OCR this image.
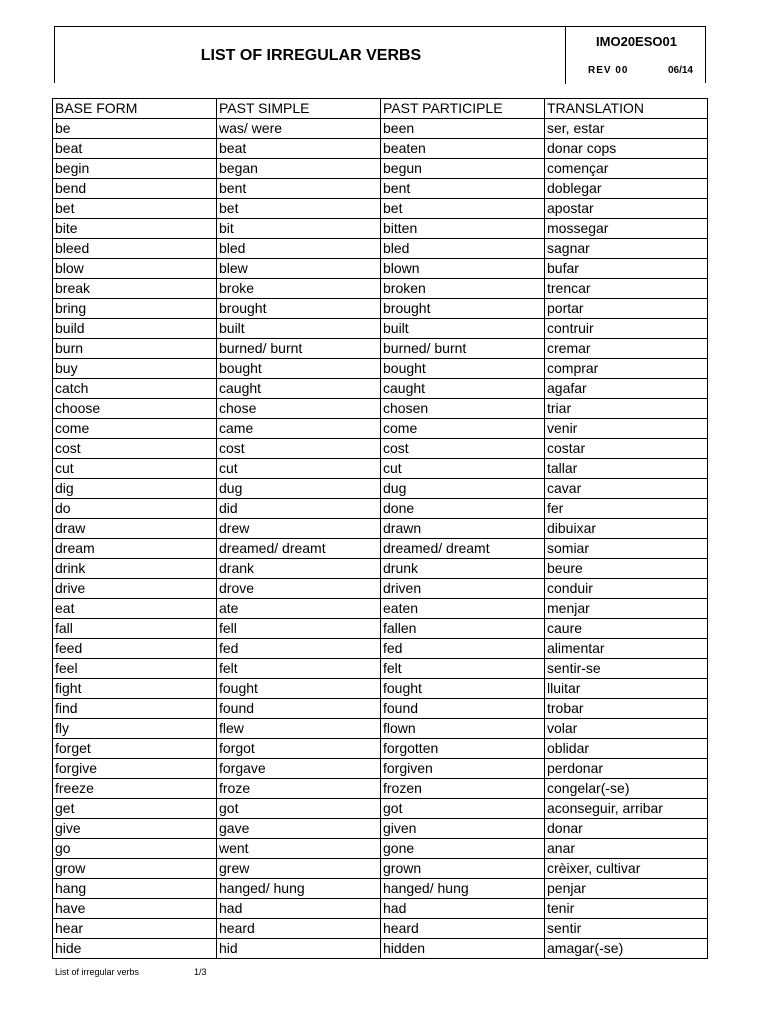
LIST OF IRREGULAR VERBS
IMO20ESO01
REV 00	06/14
BASE FORM	PAST SIMPLE	PAST PARTICIPLE	TRANSLATION
be	was/ were	been	ser, estar
beat	beat	beaten	donar cops
begin	began	begun	començar
bend	bent	bent	doblegar
bet	bet	bet	apostar
bite	bit	bitten	mossegar
bleed	bled	bled	sagnar
blow	blew	blown	bufar
break	broke	broken	trencar
bring	brought	brought	portar
build	built	built	contruir
burn	burned/ burnt	burned/ burnt	cremar
buy	bought	bought	comprar
catch	caught	caught	agafar
choose	chose	chosen	triar
come	came	come	venir
cost	cost	cost	costar
cut	cut	cut	tallar
dig	dug	dug	cavar
do	did	done	fer
draw	drew	drawn	dibuixar
dream	dreamed/ dreamt	dreamed/ dreamt	somiar
drink	drank	drunk	beure
drive	drove	driven	conduir
eat	ate	eaten	menjar
fall	fell	fallen	caure
feed	fed	fed	alimentar
feel	felt	felt	sentir-se
fight	fought	fought	lluitar
find	found	found	trobar
fly	flew	flown	volar
forget	forgot	forgotten	oblidar
forgive	forgave	forgiven	perdonar
freeze	froze	frozen	congelar(-se)
get	got	got	aconseguir, arribar
give	gave	given	donar
go	went	gone	anar
grow	grew	grown	crèixer, cultivar
hang	hanged/ hung	hanged/ hung	penjar
have	had	had	tenir
hear	heard	heard	sentir
hide	hid	hidden	amagar(-se)
List of irregular verbs	1/3
